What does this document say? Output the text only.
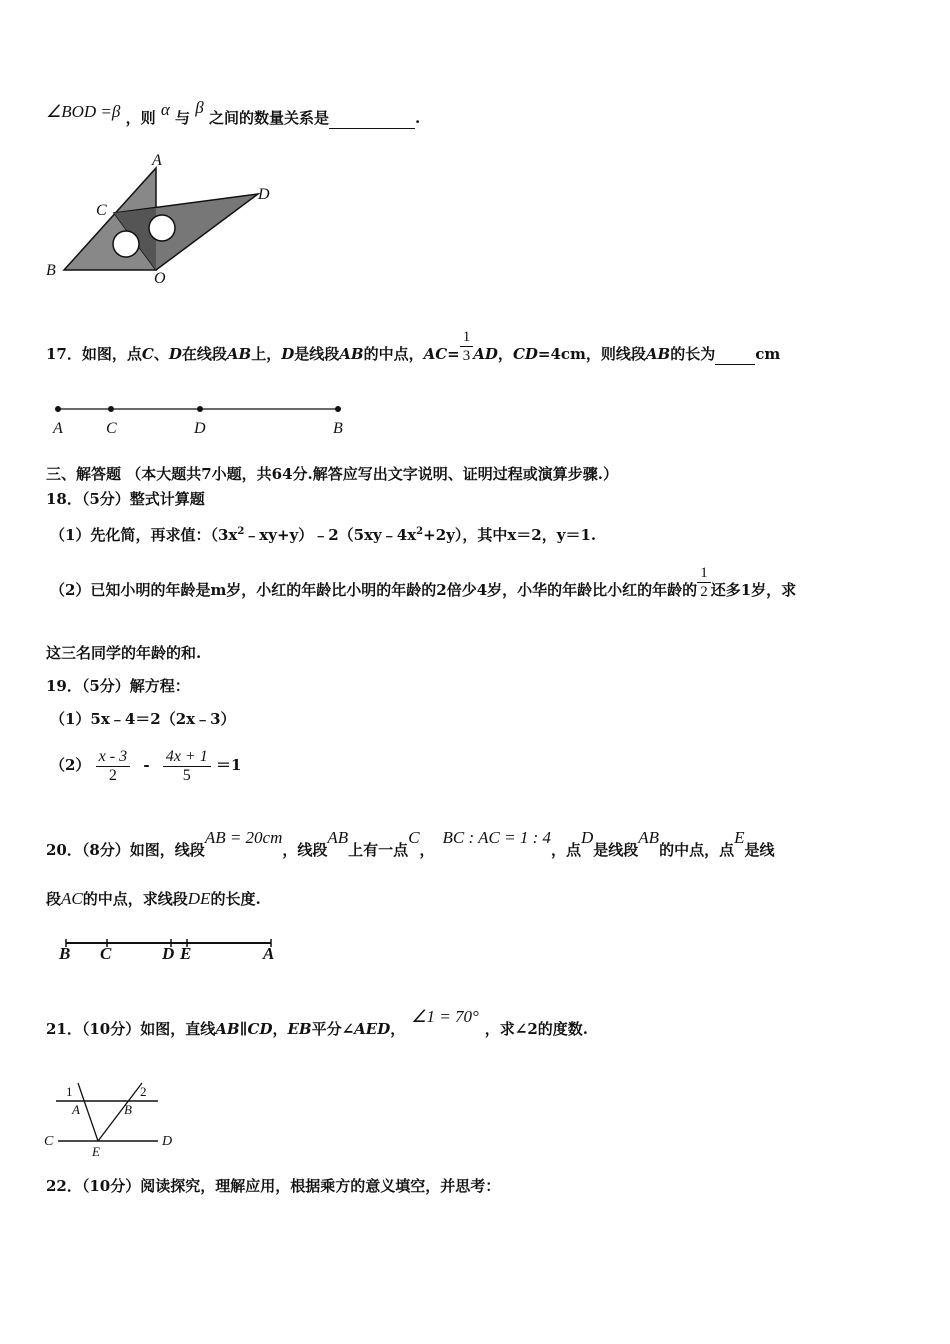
∠BOD =β ，则 α 与 β 之间的数量关系是	.
A
B
C
D
O
17．如图，点C、D在线段AB上，D是线段AB的中点，$AC= \frac{1}{3}$ AD，CD=4cm，则线段AB的长为	cm
A	C	D	B
三、解答题 （本大题共7小题，共64分.解答应写出文字说明、证明过程或演算步骤.）
18．（5分）整式计算题
（1）先化简，再求值：$(3x^2﹣xy+y)﹣2(5xy﹣4x^2+2y)$，其中x＝2，y＝1.
（2）已知小明的年龄是m岁，小红的年龄比小明的年龄的2倍少4岁，小华的年龄比小红的年龄的 $\frac{1}{2}$ 还多1岁，求
这三名同学的年龄的和.
19．（5分）解方程：
（1）5x﹣4＝2（2x﹣3）
$(2) \frac{x - 3}{2} - \frac{4x + 1}{5} =1$
20．（8分）如图，线段AB = 20cm，线段AB上有一点C，BC : AC = 1 : 4，点D是线段AB的中点，点E是线
段AC的中点，求线段DE的长度.
B C	D E	A
21．（10分）如图，直线AB∥CD，EB平分∠AED，∠1 = 70°，求∠2的度数.
1	2
A	B
C	D
E
22．（10分）阅读探究，理解应用，根据乘方的意义填空，并思考：
